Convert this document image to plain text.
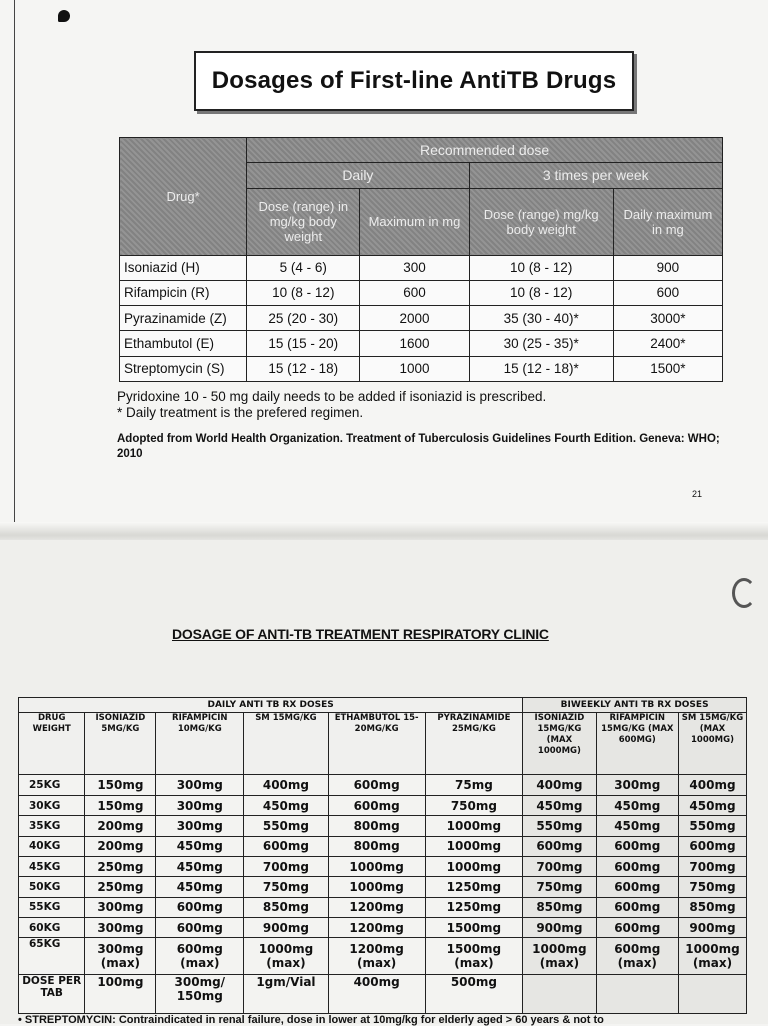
Dosages of First-line AntiTB Drugs
Drug*	Recommended dose			
	Daily		3 times per week	
	Dose (range) in mg/kg body weight	Maximum in mg	Dose (range) mg/kg body weight	Daily maximum in mg
Isoniazid (H)	5 (4 - 6)	300	10 (8 - 12)	900
Rifampicin (R)	10 (8 - 12)	600	10 (8 - 12)	600
Pyrazinamide (Z)	25 (20 - 30)	2000	35 (30 - 40)*	3000*
Ethambutol (E)	15 (15 - 20)	1600	30 (25 - 35)*	2400*
Streptomycin (S)	15 (12 - 18)	1000	15 (12 - 18)*	1500*
Pyridoxine 10 - 50 mg daily needs to be added if isoniazid is prescribed.
* Daily treatment is the prefered regimen.
Adopted from World Health Organization. Treatment of Tuberculosis Guidelines Fourth Edition. Geneva: WHO; 2010
21
DOSAGE OF ANTI-TB TREATMENT RESPIRATORY CLINIC
DAILY ANTI TB RX DOSES						BIWEEKLY ANTI TB RX DOSES		
DRUG WEIGHT	ISONIAZID 5MG/KG	RIFAMPICIN 10MG/KG	SM 15MG/KG	ETHAMBUTOL 15-20MG/KG	PYRAZINAMIDE 25MG/KG	ISONIAZID 15MG/KG (MAX 1000MG)	RIFAMPICIN 15MG/KG (MAX 600MG)	SM 15MG/KG (MAX 1000MG)
25KG	150mg	300mg	400mg	600mg	75mg	400mg	300mg	400mg
30KG	150mg	300mg	450mg	600mg	750mg	450mg	450mg	450mg
35KG	200mg	300mg	550mg	800mg	1000mg	550mg	450mg	550mg
40KG	200mg	450mg	600mg	800mg	1000mg	600mg	600mg	600mg
45KG	250mg	450mg	700mg	1000mg	1000mg	700mg	600mg	700mg
50KG	250mg	450mg	750mg	1000mg	1250mg	750mg	600mg	750mg
55KG	300mg	600mg	850mg	1200mg	1250mg	850mg	600mg	850mg
60KG	300mg	600mg	900mg	1200mg	1500mg	900mg	600mg	900mg
65KG	300mg (max)	600mg (max)	1000mg (max)	1200mg (max)	1500mg (max)	1000mg (max)	600mg (max)	1000mg (max)
DOSE PER TAB	100mg	300mg/ 150mg	1gm/Vial	400mg	500mg			
• STREPTOMYCIN: Contraindicated in renal failure, dose in lower at 10mg/kg for elderly aged > 60 years & not to
